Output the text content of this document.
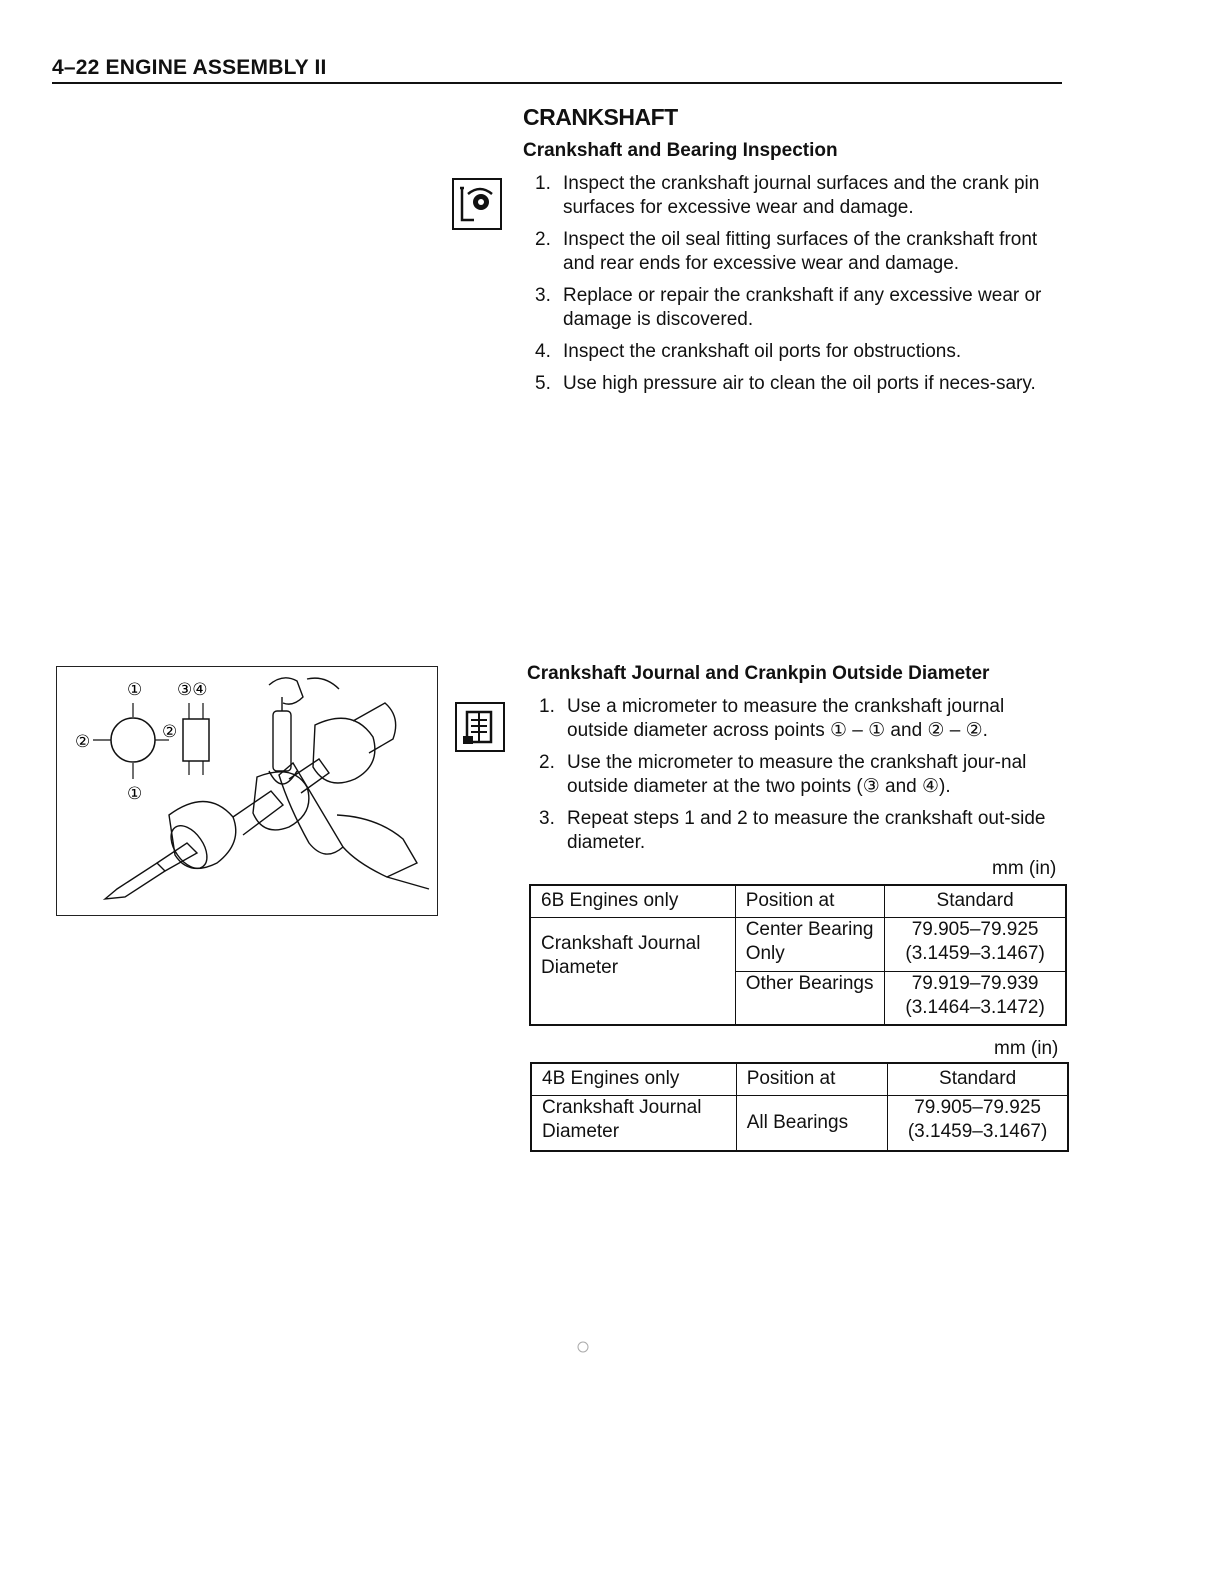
4–22 ENGINE ASSEMBLY II
CRANKSHAFT
Crankshaft and Bearing Inspection
1. Inspect the crankshaft journal surfaces and the crank pin surfaces for excessive wear and damage.
2. Inspect the oil seal fitting surfaces of the crankshaft front and rear ends for excessive wear and damage.
3. Replace or repair the crankshaft if any excessive wear or damage is discovered.
4. Inspect the crankshaft oil ports for obstructions.
5. Use high pressure air to clean the oil ports if neces-sary.
① ③④
②	②
①
Crankshaft Journal and Crankpin Outside Diameter
1. Use a micrometer to measure the crankshaft journal outside diameter across points ① – ① and ② – ②.
2. Use the micrometer to measure the crankshaft jour-nal outside diameter at the two points (③ and ④).
3. Repeat steps 1 and 2 to measure the crankshaft out-side diameter.
mm (in)
6B Engines only	Position at	Standard
Crankshaft Journal Diameter	Center Bearing Only	79.905–79.925
(3.1459–3.1467)

	Other Bearings	79.919–79.939
(3.1464–3.1472)
mm (in)
4B Engines only	Position at	Standard
Crankshaft Journal Diameter	All Bearings	79.905–79.925
(3.1459–3.1467)
